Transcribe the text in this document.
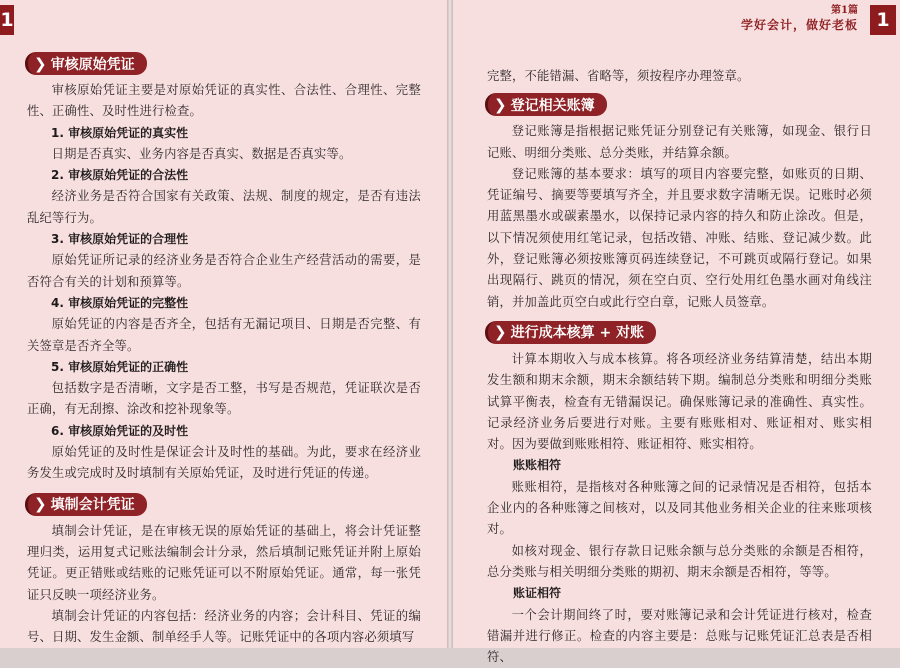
1
❯ 审核原始凭证

审核原始凭证主要是对原始凭证的真实性、合法性、合理性、完整性、正确性、及时性进行检查。

1. 审核原始凭证的真实性

日期是否真实、业务内容是否真实、数据是否真实等。

2. 审核原始凭证的合法性

经济业务是否符合国家有关政策、法规、制度的规定，是否有违法乱纪等行为。

3. 审核原始凭证的合理性

原始凭证所记录的经济业务是否符合企业生产经营活动的需要，是否符合有关的计划和预算等。

4. 审核原始凭证的完整性

原始凭证的内容是否齐全，包括有无漏记项目、日期是否完整、有关签章是否齐全等。

5. 审核原始凭证的正确性

包括数字是否清晰，文字是否工整，书写是否规范，凭证联次是否正确，有无刮擦、涂改和挖补现象等。

6. 审核原始凭证的及时性

原始凭证的及时性是保证会计及时性的基础。为此，要求在经济业务发生或完成时及时填制有关原始凭证，及时进行凭证的传递。

❯ 填制会计凭证

填制会计凭证，是在审核无误的原始凭证的基础上，将会计凭证整理归类，运用复式记账法编制会计分录，然后填制记账凭证并附上原始凭证。更正错账或结账的记账凭证可以不附原始凭证。通常，每一张凭证只反映一项经济业务。

填制会计凭证的内容包括：经济业务的内容；会计科目、凭证的编号、日期、发生金额、制单经手人等。记账凭证中的各项内容必须填写

第1篇
学好会计，做好老板 1

完整，不能错漏、省略等，须按程序办理签章。

❯ 登记相关账簿

登记账簿是指根据记账凭证分别登记有关账簿，如现金、银行日记账、明细分类账、总分类账，并结算余额。

登记账簿的基本要求：填写的项目内容要完整，如账页的日期、凭证编号、摘要等要填写齐全，并且要求数字清晰无误。记账时必须用蓝黑墨水或碳素墨水，以保持记录内容的持久和防止涂改。但是，以下情况须使用红笔记录，包括改错、冲账、结账、登记减少数。此外，登记账簿必须按账簿页码连续登记，不可跳页或隔行登记。如果出现隔行、跳页的情况，须在空白页、空行处用红色墨水画对角线注销，并加盖此页空白或此行空白章，记账人员签章。

❯ 进行成本核算 + 对账

计算本期收入与成本核算。将各项经济业务结算清楚，结出本期发生额和期末余额，期末余额结转下期。编制总分类账和明细分类账试算平衡表，检查有无错漏误记。确保账簿记录的准确性、真实性。记录经济业务后要进行对账。主要有账账相对、账证相对、账实相对。因为要做到账账相符、账证相符、账实相符。

账账相符

账账相符，是指核对各种账簿之间的记录情况是否相符，包括本企业内的各种账簿之间核对，以及同其他业务相关企业的往来账项核对。

如核对现金、银行存款日记账余额与总分类账的余额是否相符，总分类账与相关明细分类账的期初、期末余额是否相符，等等。

账证相符

一个会计期间终了时，要对账簿记录和会计凭证进行核对，检查错漏并进行修正。检查的内容主要是：总账与记账凭证汇总表是否相符、
